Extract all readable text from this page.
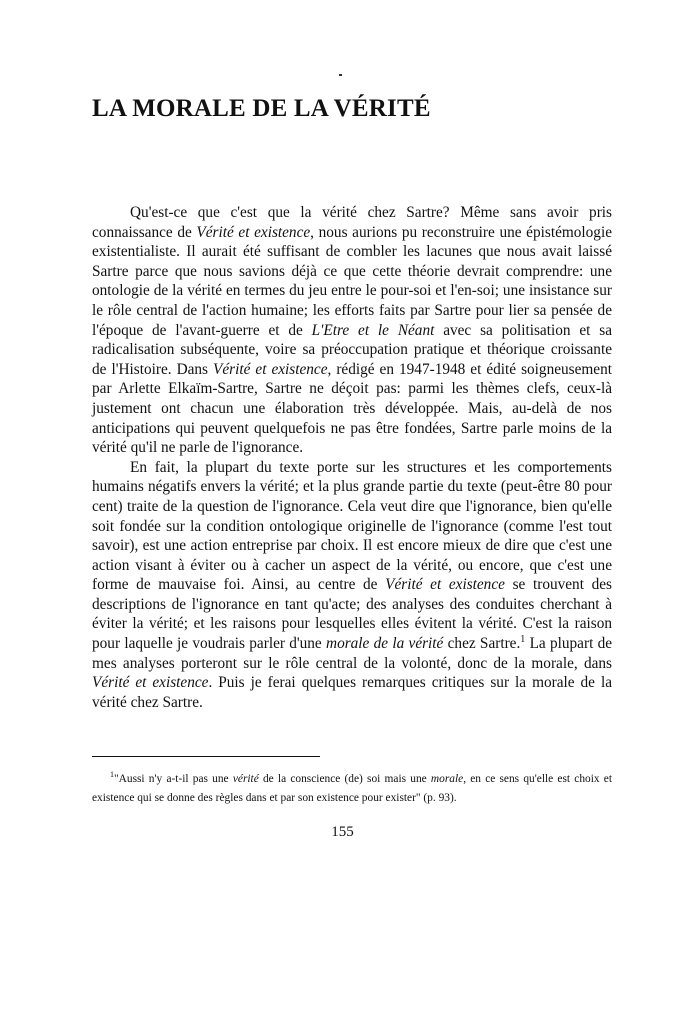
LA MORALE DE LA VÉRITÉ

Qu'est-ce que c'est que la vérité chez Sartre? Même sans avoir pris connaissance de Vérité et existence, nous aurions pu reconstruire une épistémologie existentialiste. Il aurait été suffisant de combler les lacunes que nous avait laissé Sartre parce que nous savions déjà ce que cette théorie devrait comprendre: une ontologie de la vérité en termes du jeu entre le pour-soi et l'en-soi; une insistance sur le rôle central de l'action humaine; les efforts faits par Sartre pour lier sa pensée de l'époque de l'avant-guerre et de L'Etre et le Néant avec sa politisation et sa radicalisation subséquente, voire sa préoccupation pratique et théorique croissante de l'Histoire. Dans Vérité et existence, rédigé en 1947-1948 et édité soigneusement par Arlette Elkaïm-Sartre, Sartre ne déçoit pas: parmi les thèmes clefs, ceux-là justement ont chacun une élaboration très développée. Mais, au-delà de nos anticipations qui peuvent quelquefois ne pas être fondées, Sartre parle moins de la vérité qu'il ne parle de l'ignorance.

En fait, la plupart du texte porte sur les structures et les comportements humains négatifs envers la vérité; et la plus grande partie du texte (peut-être 80 pour cent) traite de la question de l'ignorance. Cela veut dire que l'ignorance, bien qu'elle soit fondée sur la condition ontologique originelle de l'ignorance (comme l'est tout savoir), est une action entreprise par choix. Il est encore mieux de dire que c'est une action visant à éviter ou à cacher un aspect de la vérité, ou encore, que c'est une forme de mauvaise foi. Ainsi, au centre de Vérité et existence se trouvent des descriptions de l'ignorance en tant qu'acte; des analyses des conduites cherchant à éviter la vérité; et les raisons pour lesquelles elles évitent la vérité. C'est la raison pour laquelle je voudrais parler d'une morale de la vérité chez Sartre.$^1$ La plupart de mes analyses porteront sur le rôle central de la volonté, donc de la morale, dans Vérité et existence. Puis je ferai quelques remarques critiques sur la morale de la vérité chez Sartre.

$^1$"Aussi n'y a-t-il pas une vérité de la conscience (de) soi mais une morale, en ce sens qu'elle est choix et existence qui se donne des règles dans et par son existence pour exister" (p. 93).

155
